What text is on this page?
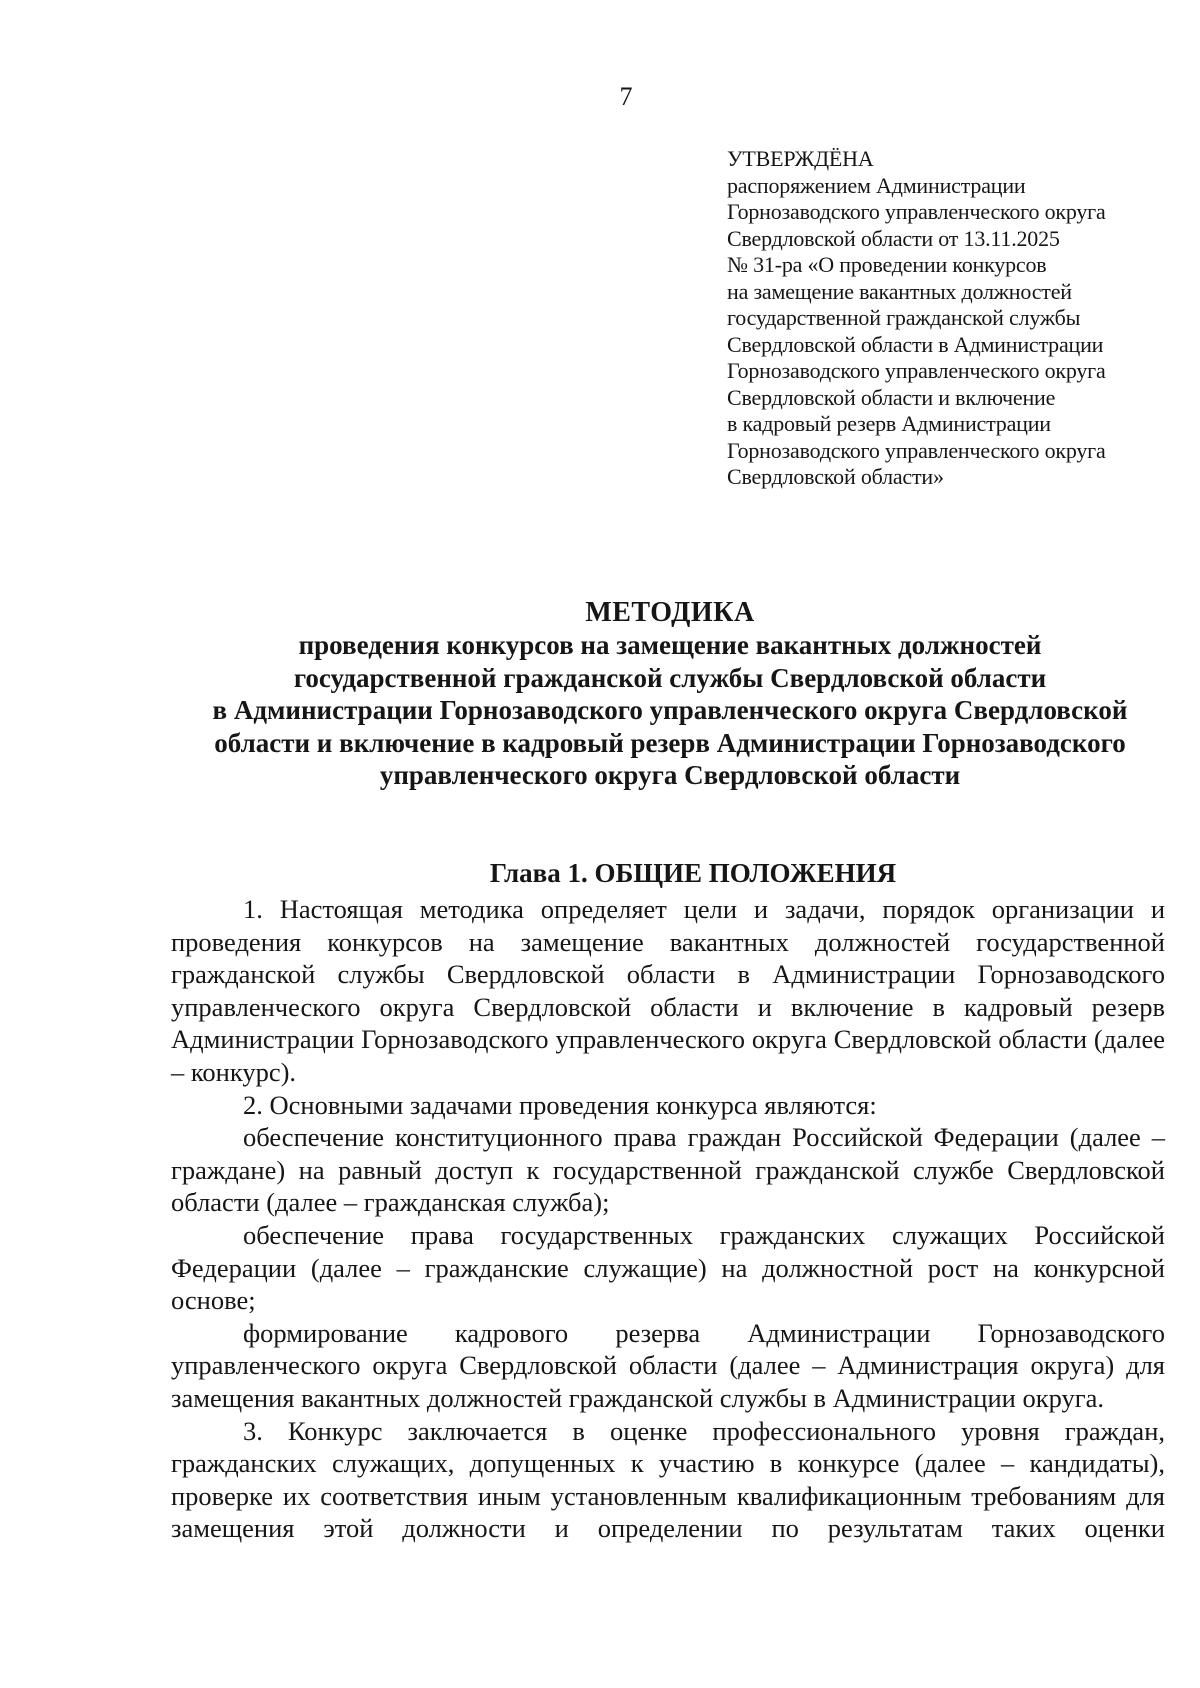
7
УТВЕРЖДЁНА
распоряжением Администрации
Горнозаводского управленческого округа
Свердловской области от 13.11.2025
№ 31-ра «О проведении конкурсов
на замещение вакантных должностей
государственной гражданской службы
Свердловской области в Администрации
Горнозаводского управленческого округа
Свердловской области и включение
в кадровый резерв Администрации
Горнозаводского управленческого округа
Свердловской области»
МЕТОДИКА
проведения конкурсов на замещение вакантных должностей
государственной гражданской службы Свердловской области
в Администрации Горнозаводского управленческого округа Свердловской
области и включение в кадровый резерв Администрации Горнозаводского
управленческого округа Свердловской области
Глава 1. ОБЩИЕ ПОЛОЖЕНИЯ

1. Настоящая методика определяет цели и задачи, порядок организации и проведения конкурсов на замещение вакантных должностей государственной гражданской службы Свердловской области в Администрации Горнозаводского управленческого округа Свердловской области и включение в кадровый резерв Администрации Горнозаводского управленческого округа Свердловской области (далее – конкурс).

2. Основными задачами проведения конкурса являются:

обеспечение конституционного права граждан Российской Федерации (далее – граждане) на равный доступ к государственной гражданской службе Свердловской области (далее – гражданская служба);

обеспечение права государственных гражданских служащих Российской Федерации (далее – гражданские служащие) на должностной рост на конкурсной основе;

формирование кадрового резерва Администрации Горнозаводского управленческого округа Свердловской области (далее – Администрация округа) для замещения вакантных должностей гражданской службы в Администрации округа.

3. Конкурс заключается в оценке профессионального уровня граждан, гражданских служащих, допущенных к участию в конкурсе (далее – кандидаты), проверке их соответствия иным установленным квалификационным требованиям для замещения этой должности и определении по результатам таких оценки
